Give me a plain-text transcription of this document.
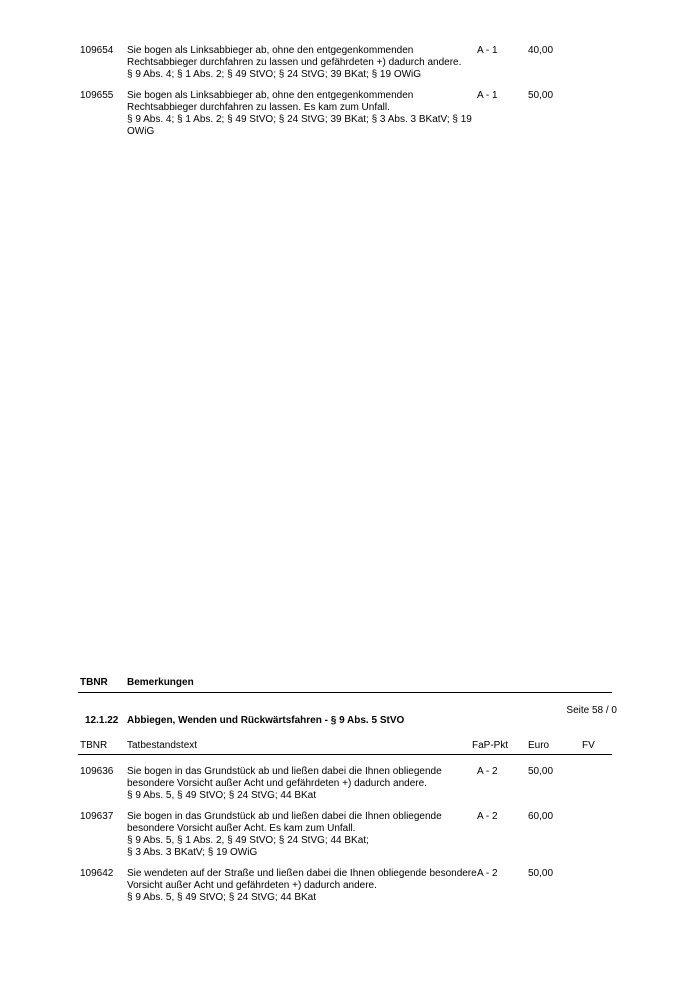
109654 Sie bogen als Linksabbieger ab, ohne den entgegenkommenden
Rechtsabbieger durchfahren zu lassen und gefährdeten +) dadurch andere.
§ 9 Abs. 4; § 1 Abs. 2; § 49 StVO; § 24 StVG; 39 BKat; § 19 OWiG
A - 1	40,00
109655 Sie bogen als Linksabbieger ab, ohne den entgegenkommenden
Rechtsabbieger durchfahren zu lassen. Es kam zum Unfall.
§ 9 Abs. 4; § 1 Abs. 2; § 49 StVO; § 24 StVG; 39 BKat; § 3 Abs. 3 BKatV; § 19
OWiG
A - 1	50,00
TBNR Bemerkungen
Seite 58 / 0
12.1.22 Abbiegen, Wenden und Rückwärtsfahren - § 9 Abs. 5 StVO
TBNR Tatbestandstext	FaP-Pkt Euro	FV
109636 Sie bogen in das Grundstück ab und ließen dabei die Ihnen obliegende
besondere Vorsicht außer Acht und gefährdeten +) dadurch andere.
§ 9 Abs. 5, § 49 StVO; § 24 StVG; 44 BKat
A - 2	50,00
109637 Sie bogen in das Grundstück ab und ließen dabei die Ihnen obliegende
besondere Vorsicht außer Acht. Es kam zum Unfall.
§ 9 Abs. 5, § 1 Abs. 2, § 49 StVO; § 24 StVG; 44 BKat;
§ 3 Abs. 3 BKatV; § 19 OWiG
A - 2	60,00
109642 Sie wendeten auf der Straße und ließen dabei die Ihnen obliegende besondere
Vorsicht außer Acht und gefährdeten +) dadurch andere.
§ 9 Abs. 5, § 49 StVO; § 24 StVG; 44 BKat
A - 2	50,00
